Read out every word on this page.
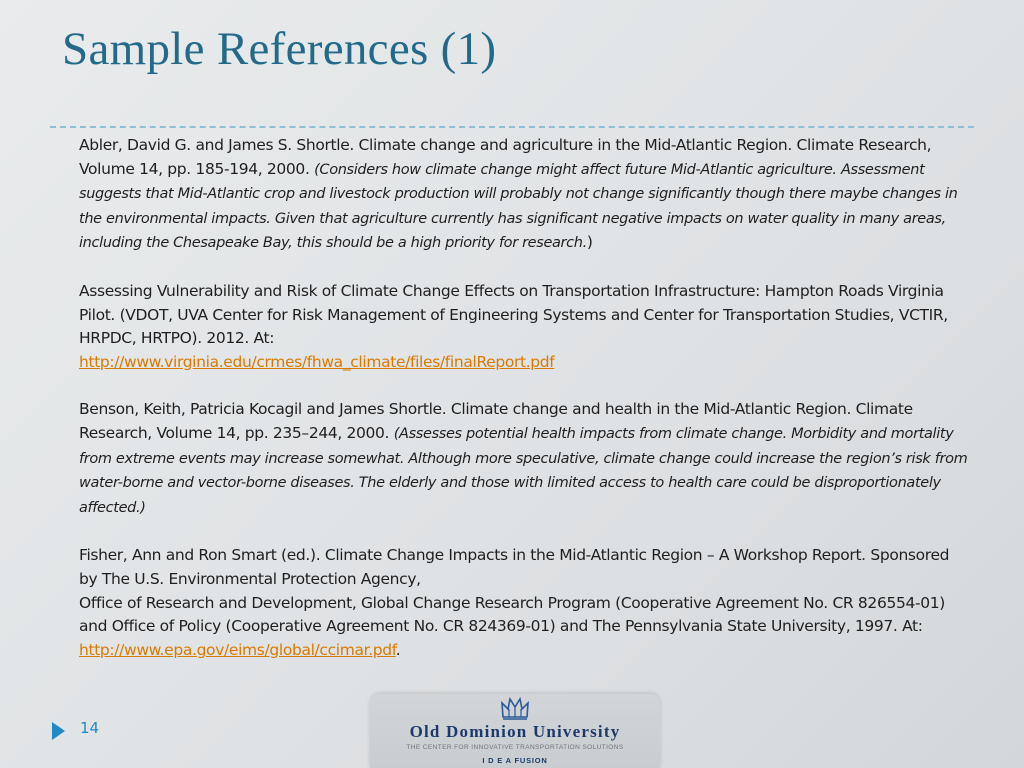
Sample References (1)

Abler, David G. and James S. Shortle. Climate change and agriculture in the Mid-Atlantic Region. Climate Research, Volume 14, pp. 185-194, 2000. (Considers how climate change might affect future Mid-Atlantic agriculture. Assessment suggests that Mid-Atlantic crop and livestock production will probably not change significantly though there maybe changes in the environmental impacts. Given that agriculture currently has significant negative impacts on water quality in many areas, including the Chesapeake Bay, this should be a high priority for research.)

Assessing Vulnerability and Risk of Climate Change Effects on Transportation Infrastructure: Hampton Roads Virginia Pilot. (VDOT, UVA Center for Risk Management of Engineering Systems and Center for Transportation Studies, VCTIR, HRPDC, HRTPO). 2012. At:
http://www.virginia.edu/crmes/fhwa_climate/files/finalReport.pdf

Benson, Keith, Patricia Kocagil and James Shortle. Climate change and health in the Mid-Atlantic Region. Climate Research, Volume 14, pp. 235–244, 2000. (Assesses potential health impacts from climate change. Morbidity and mortality from extreme events may increase somewhat. Although more speculative, climate change could increase the region’s risk from water-borne and vector-borne diseases. The elderly and those with limited access to health care could be disproportionately affected.)

Fisher, Ann and Ron Smart (ed.). Climate Change Impacts in the Mid-Atlantic Region – A Workshop Report. Sponsored by The U.S. Environmental Protection Agency,
Office of Research and Development, Global Change Research Program (Cooperative Agreement No. CR 826554-01) and Office of Policy (Cooperative Agreement No. CR 824369-01) and The Pennsylvania State University, 1997. At: http://www.epa.gov/eims/global/ccimar.pdf.

14	Old Dominion University
THE CENTER FOR INNOVATIVE TRANSPORTATION SOLUTIONS
I D E A FUSION
